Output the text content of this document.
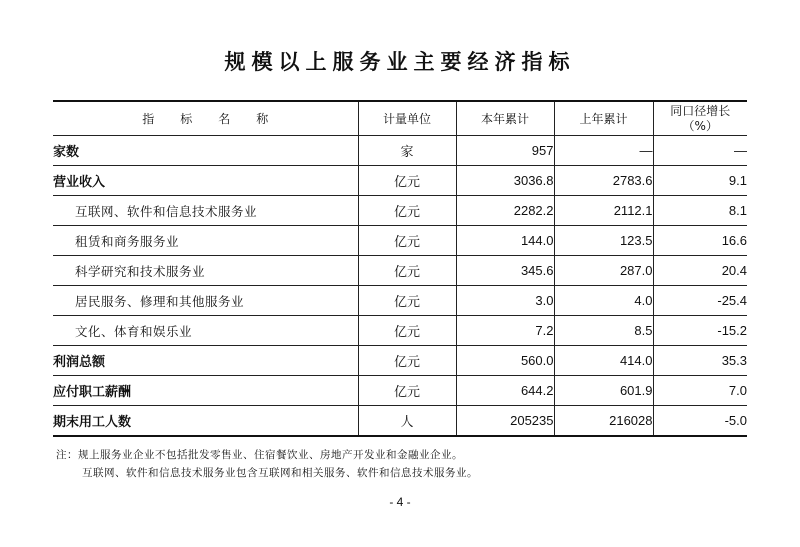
规模以上服务业主要经济指标
指标名称	计量单位	本年累计	上年累计	同口径增长
（%）

家数	家	957	—	—
营业收入	亿元	3036.8	2783.6	9.1
互联网、软件和信息技术服务业	亿元	2282.2	2112.1	8.1
租赁和商务服务业	亿元	144.0	123.5	16.6
科学研究和技术服务业	亿元	345.6	287.0	20.4
居民服务、修理和其他服务业	亿元	3.0	4.0	-25.4
文化、体育和娱乐业	亿元	7.2	8.5	-15.2
利润总额	亿元	560.0	414.0	35.3
应付职工薪酬	亿元	644.2	601.9	7.0
期末用工人数	人	205235	216028	-5.0
注：规上服务业企业不包括批发零售业、住宿餐饮业、房地产开发业和金融业企业。
互联网、软件和信息技术服务业包含互联网和相关服务、软件和信息技术服务业。
- 4 -
